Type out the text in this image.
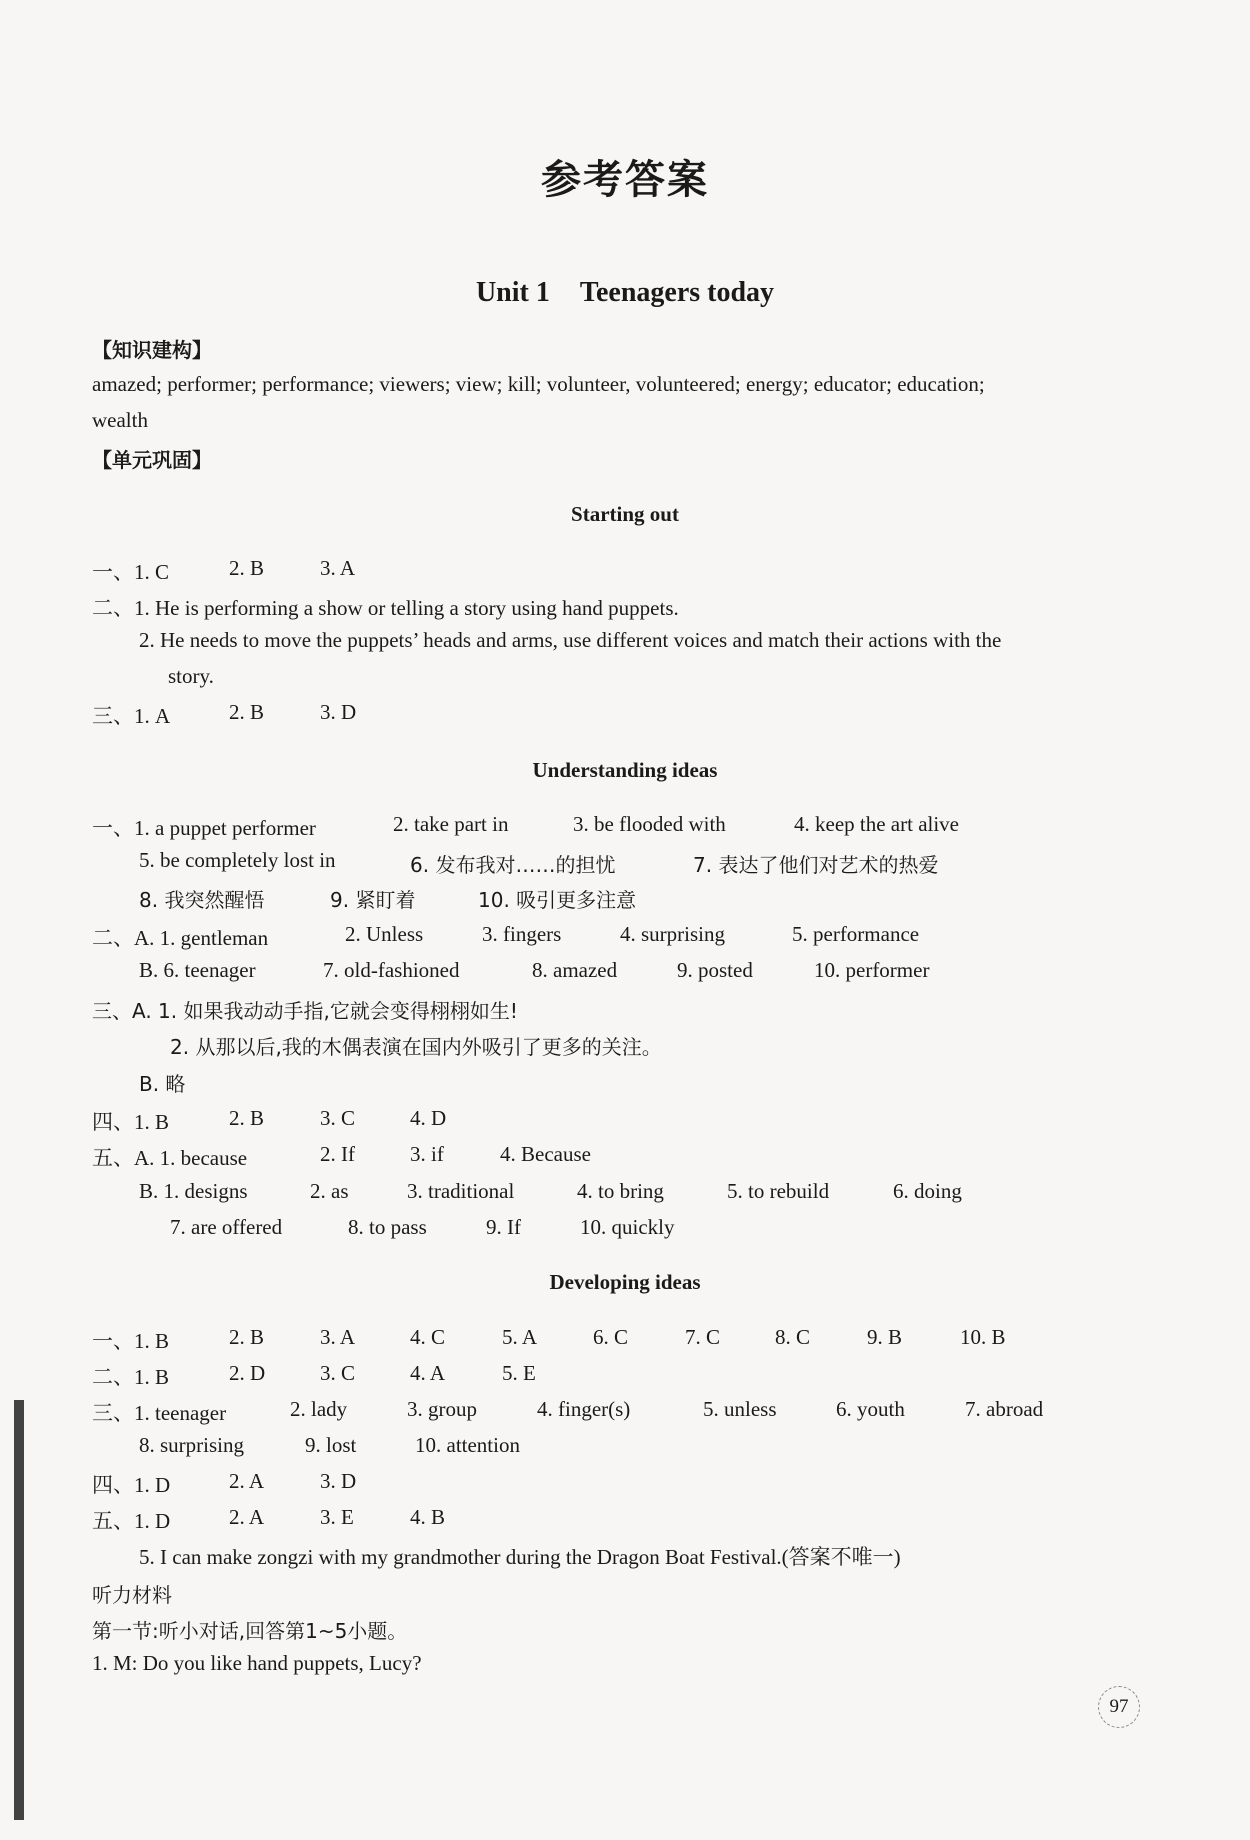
参考答案
Unit 1 Teenagers today
【知识建构】
amazed; performer; performance; viewers; view; kill; volunteer, volunteered; energy; educator; education;
wealth
【单元巩固】
Starting out
一、1. C	2. B	3. A
二、1. He is performing a show or telling a story using hand puppets.
2. He needs to move the puppets’ heads and arms, use different voices and match their actions with the
story.
三、1. A	2. B	3. D
Understanding ideas
一、1. a puppet performer	2. take part in	3. be flooded with	4. keep the art alive
5. be completely lost in	6. 发布我对……的担忧	7. 表达了他们对艺术的热爱
8. 我突然醒悟	9. 紧盯着	10. 吸引更多注意
二、A. 1. gentleman	2. Unless	3. fingers	4. surprising	5. performance
B. 6. teenager	7. old-fashioned	8. amazed	9. posted	10. performer
三、A. 1. 如果我动动手指,它就会变得栩栩如生!
2. 从那以后,我的木偶表演在国内外吸引了更多的关注。
B. 略
四、1. B	2. B	3. C	4. D
五、A. 1. because	2. If	3. if	4. Because
B. 1. designs	2. as	3. traditional	4. to bring	5. to rebuild	6. doing
7. are offered	8. to pass	9. If	10. quickly
Developing ideas
一、1. B	2. B	3. A	4. C	5. A	6. C	7. C	8. C	9. B	10. B
二、1. B	2. D	3. C	4. A	5. E
三、1. teenager	2. lady	3. group	4. finger(s)	5. unless	6. youth	7. abroad
8. surprising	9. lost	10. attention
四、1. D	2. A	3. D
五、1. D	2. A	3. E	4. B
5. I can make zongzi with my grandmother during the Dragon Boat Festival.(答案不唯一)
听力材料
第一节:听小对话,回答第1~5小题。
1. M: Do you like hand puppets, Lucy?
97
